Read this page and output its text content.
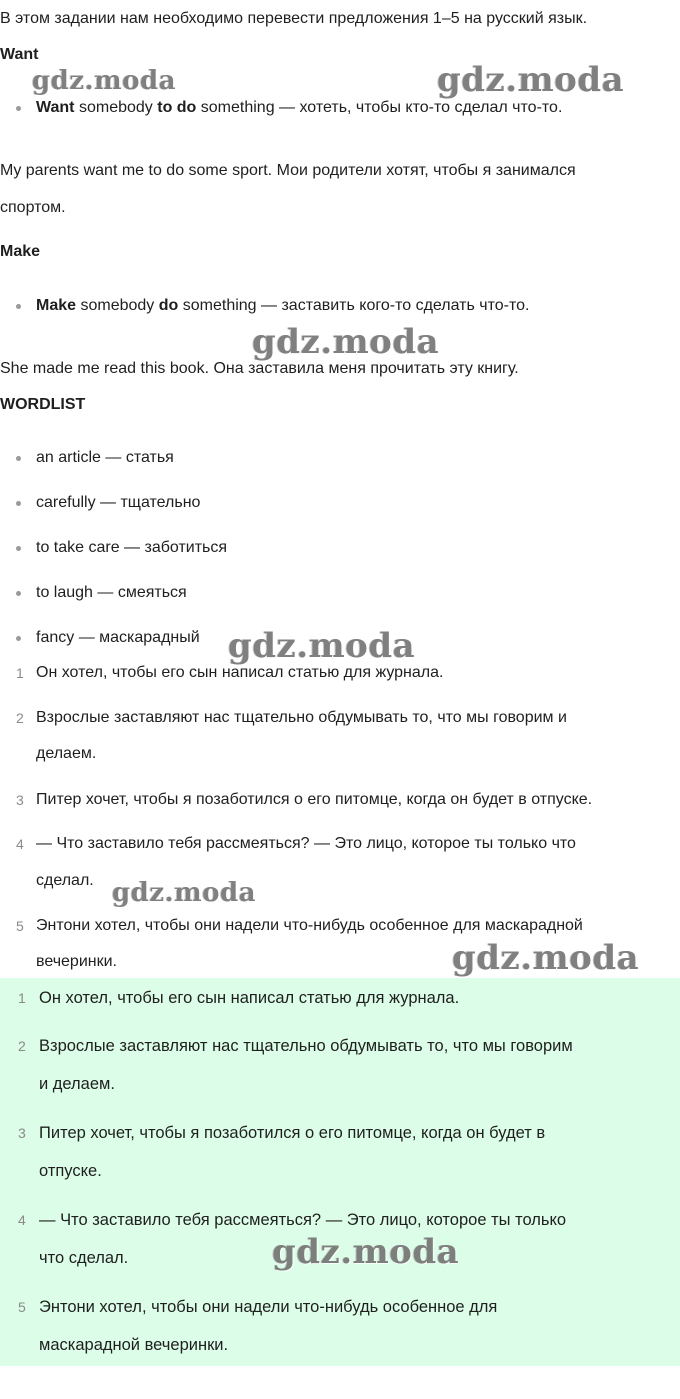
В этом задании нам необходимо перевести предложения 1–5 на русский язык.
Want
Want somebody to do something — хотеть, чтобы кто-то сделал что-то.
My parents want me to do some sport. Мои родители хотят, чтобы я занимался
спортом.
Make
Make somebody do something — заставить кого-то сделать что-то.
She made me read this book. Она заставила меня прочитать эту книгу.
WORDLIST
an article — статья
carefully — тщательно
to take care — заботиться
to laugh — смеяться
fancy — маскарадный
1 Он хотел, чтобы его сын написал статью для журнала.
2 Взрослые заставляют нас тщательно обдумывать то, что мы говорим и
делаем.
3 Питер хочет, чтобы я позаботился о его питомце, когда он будет в отпуске.
4 — Что заставило тебя рассмеяться? — Это лицо, которое ты только что
сделал.
5 Энтони хотел, чтобы они надели что-нибудь особенное для маскарадной
вечеринки.
1 Он хотел, чтобы его сын написал статью для журнала.
2 Взрослые заставляют нас тщательно обдумывать то, что мы говорим
и делаем.
3 Питер хочет, чтобы я позаботился о его питомце, когда он будет в
отпуске.
4 — Что заставило тебя рассмеяться? — Это лицо, которое ты только
что сделал.
5 Энтони хотел, чтобы они надели что-нибудь особенное для
маскарадной вечеринки.
gdz.moda	gdz.moda
gdz.moda
gdz.moda
gdz.moda
gdz.moda
gdz.moda
